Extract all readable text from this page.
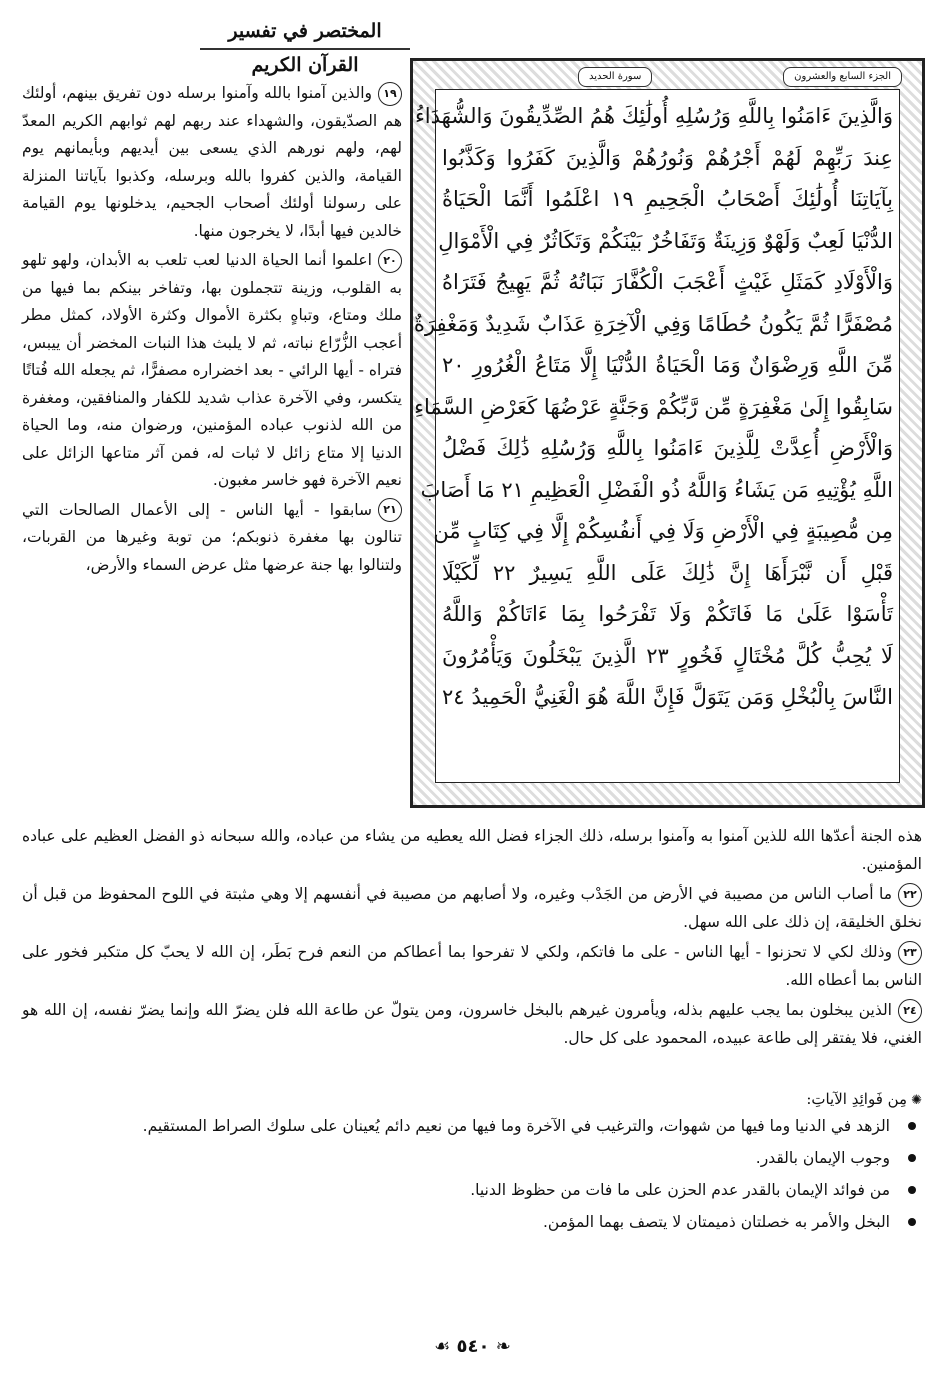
المختصر في تفسير القرآن الكريم
الجزء السابع والعشرون
سورة الحديد
وَالَّذِينَ ءَامَنُوا بِاللَّهِ وَرُسُلِهِ أُولَٰئِكَ هُمُ الصِّدِّيقُونَ وَالشُّهَدَاءُ
عِندَ رَبِّهِمْ لَهُمْ أَجْرُهُمْ وَنُورُهُمْ وَالَّذِينَ كَفَرُوا وَكَذَّبُوا
بِآيَاتِنَا أُولَٰئِكَ أَصْحَابُ الْجَحِيمِ ١٩ اعْلَمُوا أَنَّمَا الْحَيَاةُ
الدُّنْيَا لَعِبٌ وَلَهْوٌ وَزِينَةٌ وَتَفَاخُرٌ بَيْنَكُمْ وَتَكَاثُرٌ فِي الْأَمْوَالِ
وَالْأَوْلَادِ كَمَثَلِ غَيْثٍ أَعْجَبَ الْكُفَّارَ نَبَاتُهُ ثُمَّ يَهِيجُ فَتَرَاهُ
مُصْفَرًّا ثُمَّ يَكُونُ حُطَامًا وَفِي الْآخِرَةِ عَذَابٌ شَدِيدٌ وَمَغْفِرَةٌ
مِّنَ اللَّهِ وَرِضْوَانٌ وَمَا الْحَيَاةُ الدُّنْيَا إِلَّا مَتَاعُ الْغُرُورِ ٢٠
سَابِقُوا إِلَىٰ مَغْفِرَةٍ مِّن رَّبِّكُمْ وَجَنَّةٍ عَرْضُهَا كَعَرْضِ السَّمَاءِ
وَالْأَرْضِ أُعِدَّتْ لِلَّذِينَ ءَامَنُوا بِاللَّهِ وَرُسُلِهِ ذَٰلِكَ فَضْلُ
اللَّهِ يُؤْتِيهِ مَن يَشَاءُ وَاللَّهُ ذُو الْفَضْلِ الْعَظِيمِ ٢١ مَا أَصَابَ
مِن مُّصِيبَةٍ فِي الْأَرْضِ وَلَا فِي أَنفُسِكُمْ إِلَّا فِي كِتَابٍ مِّن
قَبْلِ أَن نَّبْرَأَهَا إِنَّ ذَٰلِكَ عَلَى اللَّهِ يَسِيرٌ ٢٢ لِّكَيْلَا
تَأْسَوْا عَلَىٰ مَا فَاتَكُمْ وَلَا تَفْرَحُوا بِمَا ءَاتَاكُمْ وَاللَّهُ
لَا يُحِبُّ كُلَّ مُخْتَالٍ فَخُورٍ ٢٣ الَّذِينَ يَبْخَلُونَ وَيَأْمُرُونَ
النَّاسَ بِالْبُخْلِ وَمَن يَتَوَلَّ فَإِنَّ اللَّهَ هُوَ الْغَنِيُّ الْحَمِيدُ ٢٤

١٩والذين آمنوا بالله وآمنوا برسله دون تفريق بينهم، أولئك هم الصدّيقون، والشهداء عند ربهم لهم ثوابهم الكريم المعدّ لهم، ولهم نورهم الذي يسعى بين أيديهم وبأيمانهم يوم القيامة، والذين كفروا بالله وبرسله، وكذبوا بآياتنا المنزلة على رسولنا أولئك أصحاب الجحيم، يدخلونها يوم القيامة خالدين فيها أبدًا، لا يخرجون منها.

٢٠اعلموا أنما الحياة الدنيا لعب تلعب به الأبدان، ولهو تلهو به القلوب، وزينة تتجملون بها، وتفاخر بينكم بما فيها من ملك ومتاع، وتباهٍ بكثرة الأموال وكثرة الأولاد، كمثل مطر أعجب الزُّرّاع نباته، ثم لا يلبث هذا النبات المخضر أن ييبس، فتراه - أيها الرائي - بعد اخضراره مصفرًّا، ثم يجعله الله فُتاتًا يتكسر، وفي الآخرة عذاب شديد للكفار والمنافقين، ومغفرة من الله لذنوب عباده المؤمنين، ورضوان منه، وما الحياة الدنيا إلا متاع زائل لا ثبات له، فمن آثر متاعها الزائل على نعيم الآخرة فهو خاسر مغبون.

٢١سابقوا - أيها الناس - إلى الأعمال الصالحات التي تنالون بها مغفرة ذنوبكم؛ من توبة وغيرها من القربات، ولتنالوا بها جنة عرضها مثل عرض السماء والأرض،

هذه الجنة أعدّها الله للذين آمنوا به وآمنوا برسله، ذلك الجزاء فضل الله يعطيه من يشاء من عباده، والله سبحانه ذو الفضل العظيم على عباده المؤمنين.

٢٢ما أصاب الناس من مصيبة في الأرض من الجَدْب وغيره، ولا أصابهم من مصيبة في أنفسهم إلا وهي مثبتة في اللوح المحفوظ من قبل أن نخلق الخليقة، إن ذلك على الله سهل.

٢٣وذلك لكي لا تحزنوا - أيها الناس - على ما فاتكم، ولكي لا تفرحوا بما أعطاكم من النعم فرح بَطَر، إن الله لا يحبّ كل متكبر فخور على الناس بما أعطاه الله.

٢٤الذين يبخلون بما يجب عليهم بذله، ويأمرون غيرهم بالبخل خاسرون، ومن يتولّ عن طاعة الله فلن يضرّ الله وإنما يضرّ نفسه، إن الله هو الغني، فلا يفتقر إلى طاعة عبيده، المحمود على كل حال.

✺مِن فَوائِدِ الآياتِ:
الزهد في الدنيا وما فيها من شهوات، والترغيب في الآخرة وما فيها من نعيم دائم يُعينان على سلوك الصراط المستقيم.
وجوب الإيمان بالقدر.
من فوائد الإيمان بالقدر عدم الحزن على ما فات من حظوظ الدنيا.
البخل والأمر به خصلتان ذميمتان لا يتصف بهما المؤمن.
❧ ٥٤٠ ☙
